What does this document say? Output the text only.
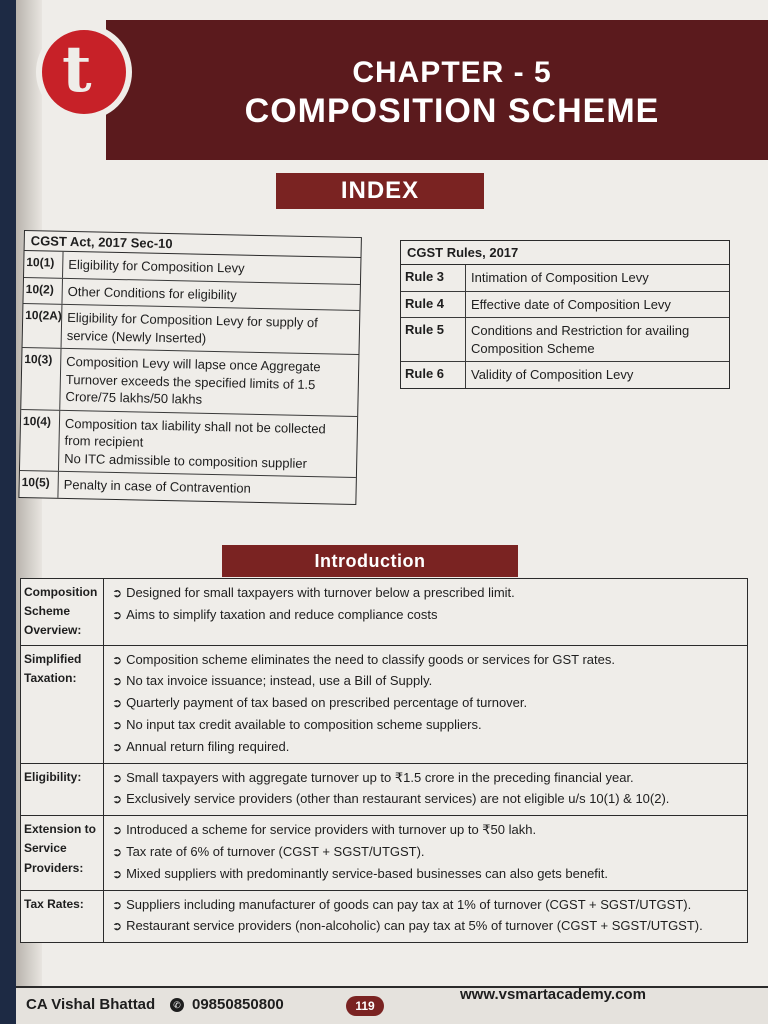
t	CHAPTER - 5
COMPOSITION SCHEME
INDEX
CGST Act, 2017 Sec-10
10(1)	Eligibility for Composition Levy
10(2)	Other Conditions for eligibility
10(2A) Eligibility for Composition Levy for supply of service (Newly Inserted)
10(3)	Composition Levy will lapse once Aggregate Turnover exceeds the specified limits of 1.5 Crore/75 lakhs/50 lakhs
10(4)	Composition tax liability shall not be collected from recipient
No ITC admissible to composition supplier
10(5)	Penalty in case of Contravention
CGST Rules, 2017
Rule 3	Intimation of Composition Levy
Rule 4	Effective date of Composition Levy
Rule 5	Conditions and Restriction for availing Composition Scheme
Rule 6	Validity of Composition Levy
Introduction
Composition Scheme Overview:
➲ Designed for small taxpayers with turnover below a prescribed limit.
➲ Aims to simplify taxation and reduce compliance costs
Simplified Taxation:
➲ Composition scheme eliminates the need to classify goods or services for GST rates.
➲ No tax invoice issuance; instead, use a Bill of Supply.
➲ Quarterly payment of tax based on prescribed percentage of turnover.
➲ No input tax credit available to composition scheme suppliers.
➲ Annual return filing required.
Eligibility:	➲ Small taxpayers with aggregate turnover up to ₹1.5 crore in the preceding financial year.
➲ Exclusively service providers (other than restaurant services) are not eligible u/s 10(1) & 10(2).
Extension to Service Providers:
➲ Introduced a scheme for service providers with turnover up to ₹50 lakh.
➲ Tax rate of 6% of turnover (CGST + SGST/UTGST).
➲ Mixed suppliers with predominantly service-based businesses can also gets benefit.
Tax Rates:	➲ Suppliers including manufacturer of goods can pay tax at 1% of turnover (CGST + SGST/UTGST).
➲ Restaurant service providers (non-alcoholic) can pay tax at 5% of turnover (CGST + SGST/UTGST).
CA Vishal Bhattad	✆ 09850850800	119
www.vsmartacademy.com
